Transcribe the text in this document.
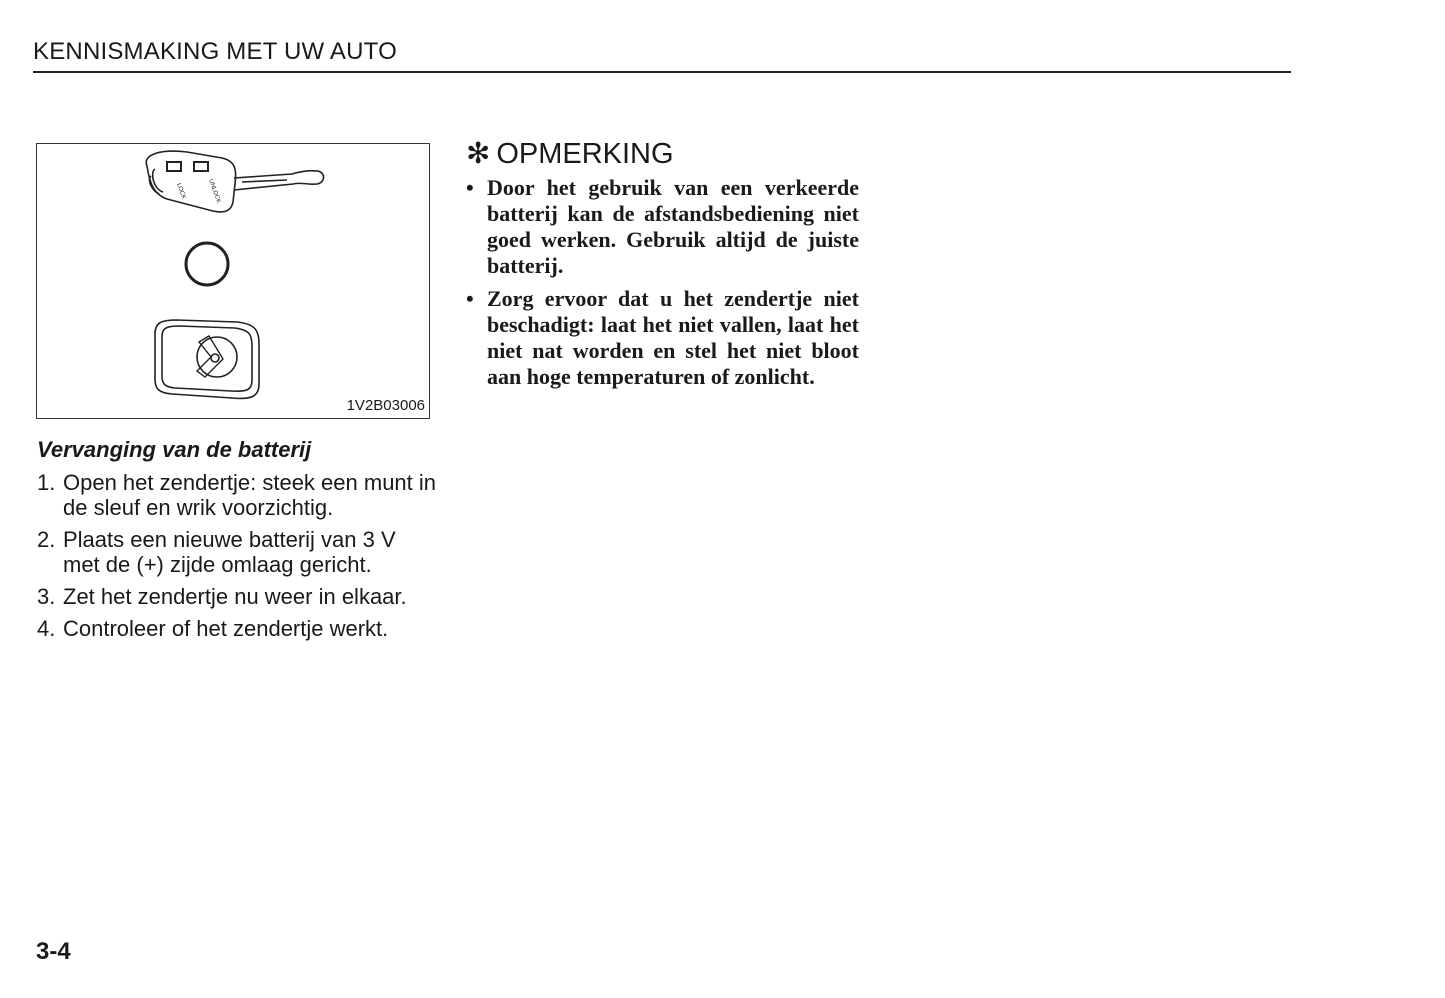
KENNISMAKING MET UW AUTO
LOCK	UNLOCK
1V2B03006
Vervanging van de batterij
1. Open het zendertje: steek een munt in de sleuf en wrik voorzichtig.
2. Plaats een nieuwe batterij van 3 V met de (+) zijde omlaag gericht.
3. Zet het zendertje nu weer in elkaar.
4. Controleer of het zendertje werkt.
✻ OPMERKING
• Door het gebruik van een verkeerde batterij kan de afstandsbediening niet goed werken. Gebruik altijd de juiste batterij.
• Zorg ervoor dat u het zendertje niet beschadigt: laat het niet vallen, laat het niet nat worden en stel het niet bloot aan hoge temperaturen of zonlicht.
3-4
